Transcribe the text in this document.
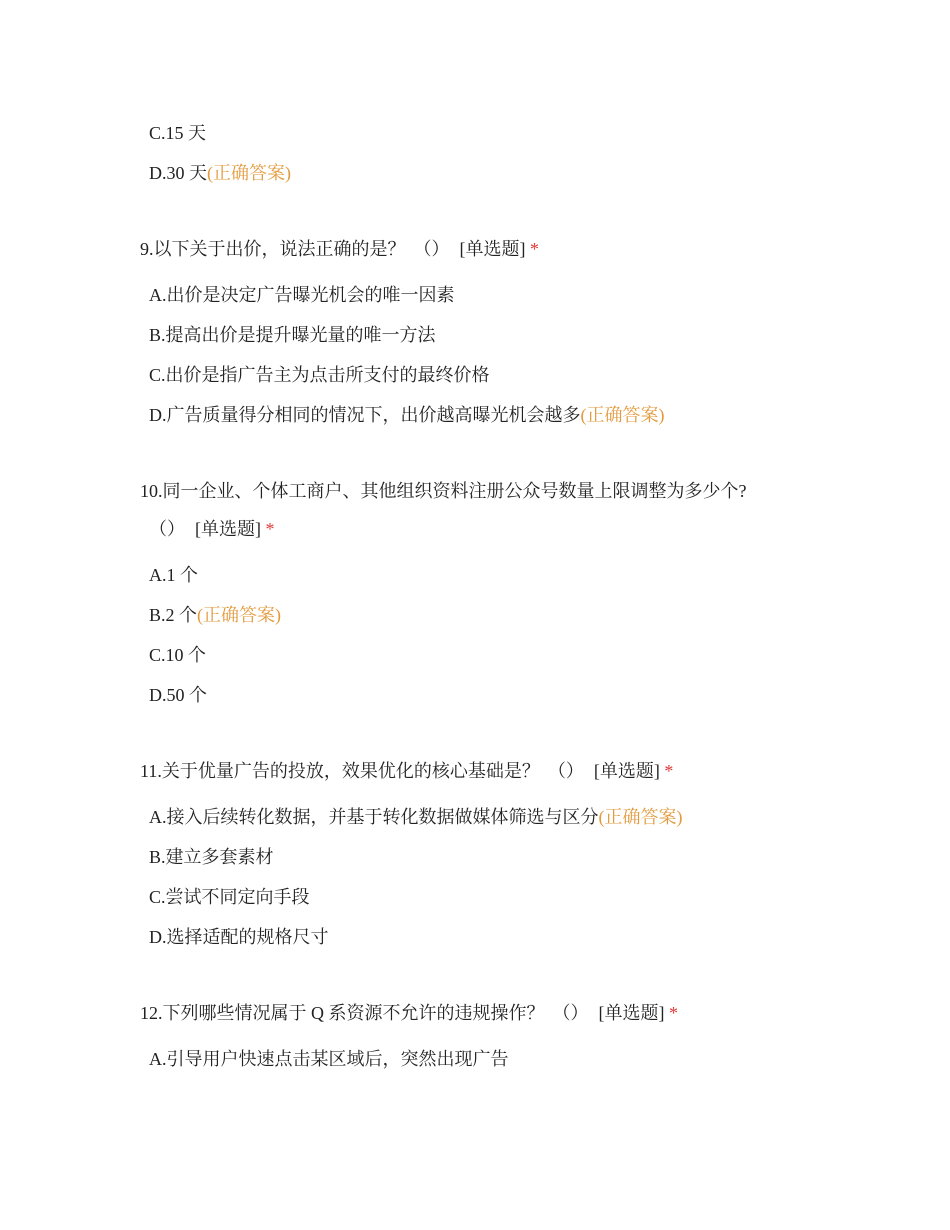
C.15 天
D.30 天(正确答案)
9.以下关于出价，说法正确的是？ （） [单选题] *
A.出价是决定广告曝光机会的唯一因素
B.提高出价是提升曝光量的唯一方法
C.出价是指广告主为点击所支付的最终价格
D.广告质量得分相同的情况下，出价越高曝光机会越多(正确答案)
10.同一企业、个体工商户、其他组织资料注册公众号数量上限调整为多少个?
（） [单选题] *
A.1 个
B.2 个(正确答案)
C.10 个
D.50 个
11.关于优量广告的投放，效果优化的核心基础是？ （） [单选题] *
A.接入后续转化数据，并基于转化数据做媒体筛选与区分(正确答案)
B.建立多套素材
C.尝试不同定向手段
D.选择适配的规格尺寸
12.下列哪些情况属于 Q 系资源不允许的违规操作？ （） [单选题] *
A.引导用户快速点击某区域后，突然出现广告
